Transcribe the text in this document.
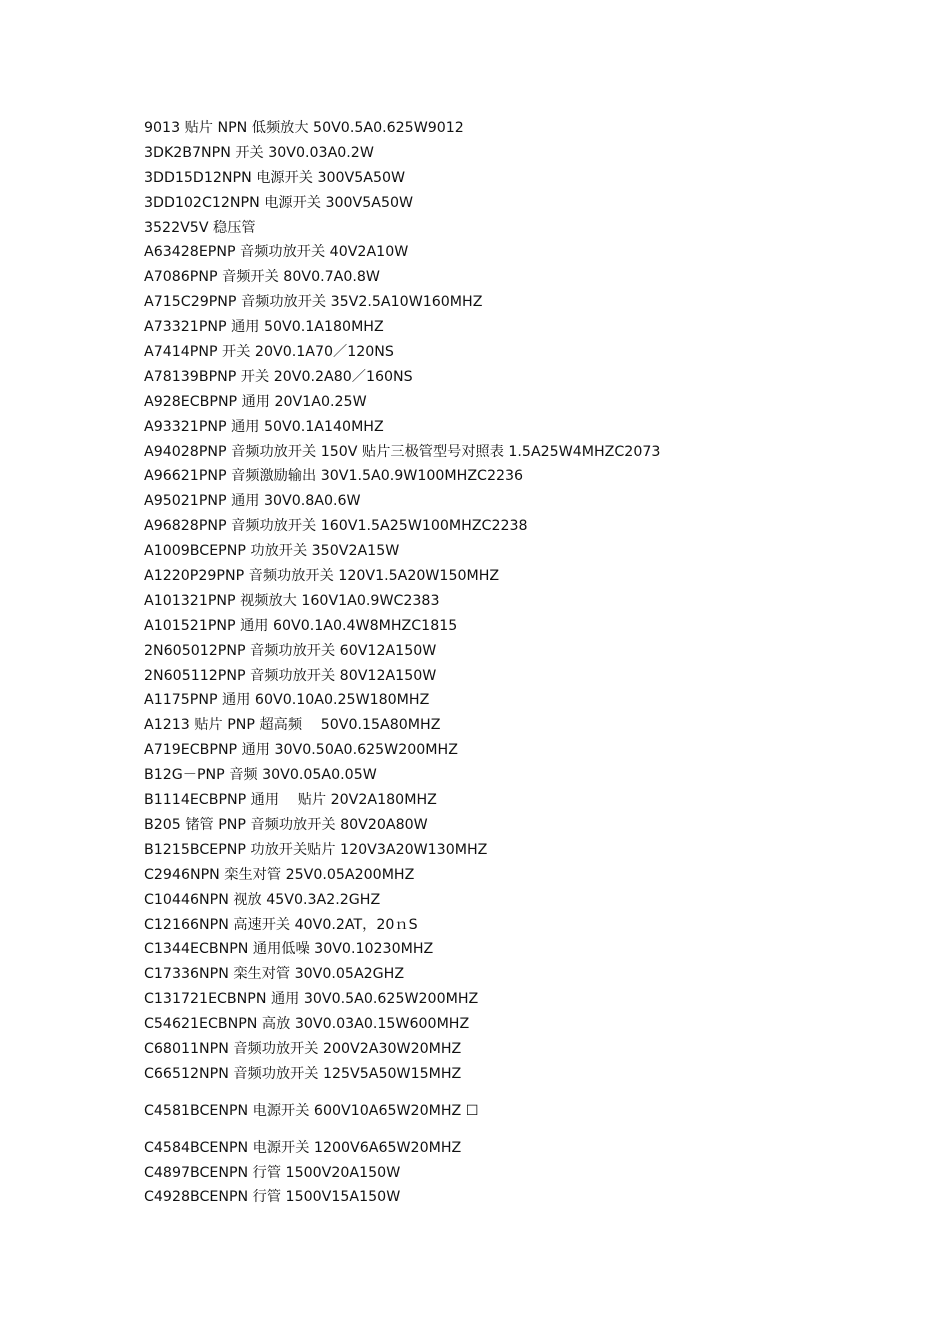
9013 贴片 NPN 低频放大 50V0.5A0.625W9012
3DK2B7NPN 开关 30V0.03A0.2W
3DD15D12NPN 电源开关 300V5A50W
3DD102C12NPN 电源开关 300V5A50W
3522V5V 稳压管
A63428EPNP 音频功放开关 40V2A10W
A7086PNP 音频开关 80V0.7A0.8W
A715C29PNP 音频功放开关 35V2.5A10W160MHZ
A73321PNP 通用 50V0.1A180MHZ
A7414PNP 开关 20V0.1A70／120NS
A78139BPNP 开关 20V0.2A80／160NS
A928ECBPNP 通用 20V1A0.25W
A93321PNP 通用 50V0.1A140MHZ
A94028PNP 音频功放开关 150V 贴片三极管型号对照表 1.5A25W4MHZC2073
A96621PNP 音频激励输出 30V1.5A0.9W100MHZC2236
A95021PNP 通用 30V0.8A0.6W
A96828PNP 音频功放开关 160V1.5A25W100MHZC2238
A1009BCEPNP 功放开关 350V2A15W
A1220P29PNP 音频功放开关 120V1.5A20W150MHZ
A101321PNP 视频放大 160V1A0.9WC2383
A101521PNP 通用 60V0.1A0.4W8MHZC1815
2N605012PNP 音频功放开关 60V12A150W
2N605112PNP 音频功放开关 80V12A150W
A1175PNP 通用 60V0.10A0.25W180MHZ
A1213 贴片 PNP 超高频　 50V0.15A80MHZ
A719ECBPNP 通用 30V0.50A0.625W200MHZ
B12G－PNP 音频 30V0.05A0.05W
B1114ECBPNP 通用　 贴片 20V2A180MHZ
B205 锗管 PNP 音频功放开关 80V20A80W
B1215BCEPNP 功放开关贴片 120V3A20W130MHZ
C2946NPN 栾生对管 25V0.05A200MHZ
C10446NPN 视放 45V0.3A2.2GHZ
C12166NPN 高速开关 40V0.2AT，20ｎS
C1344ECBNPN 通用低噪 30V0.10230MHZ
C17336NPN 栾生对管 30V0.05A2GHZ
C131721ECBNPN 通用 30V0.5A0.625W200MHZ
C54621ECBNPN 高放 30V0.03A0.15W600MHZ
C68011NPN 音频功放开关 200V2A30W20MHZ
C66512NPN 音频功放开关 125V5A50W15MHZ
C4581BCENPN 电源开关 600V10A65W20MHZ ☐
C4584BCENPN 电源开关 1200V6A65W20MHZ
C4897BCENPN 行管 1500V20A150W
C4928BCENPN 行管 1500V15A150W
